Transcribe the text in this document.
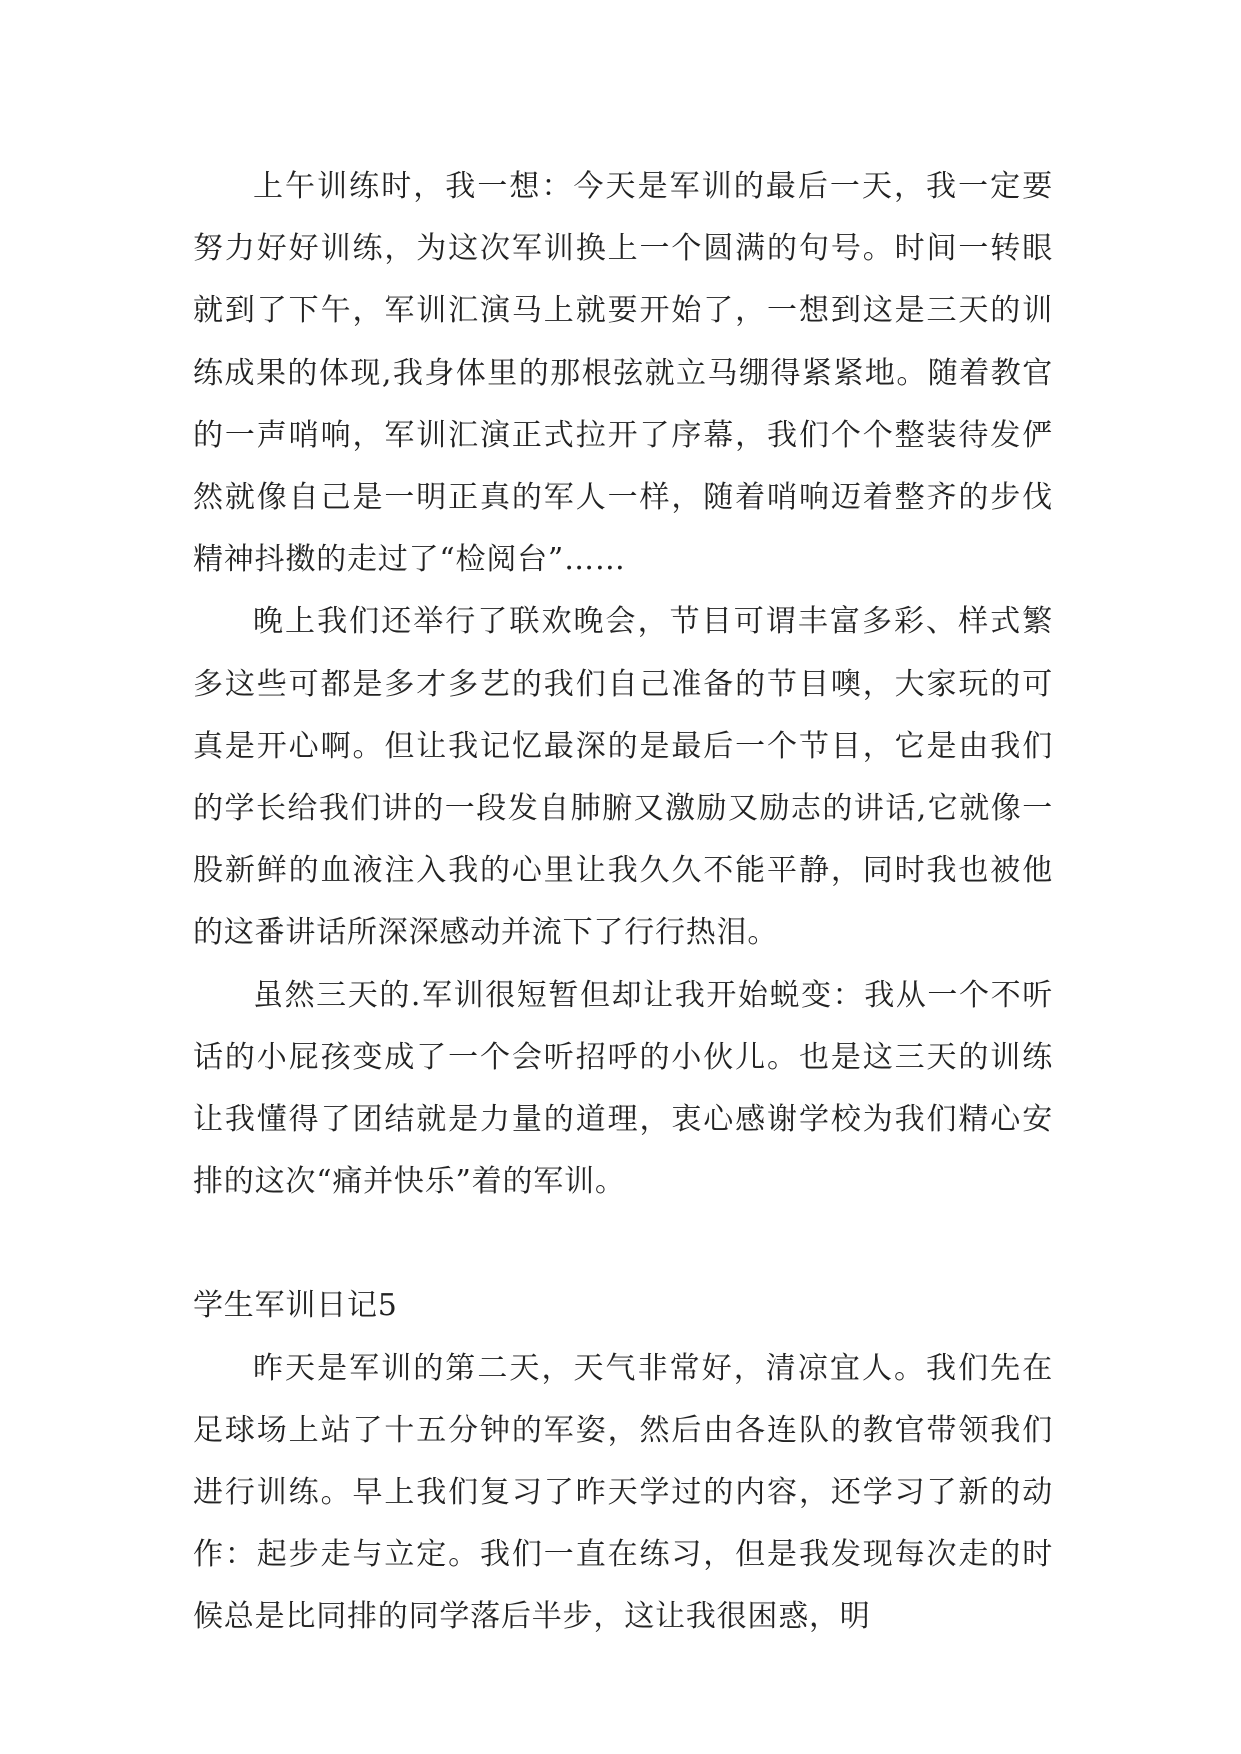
上午训练时，我一想：今天是军训的最后一天，我一定要努力好好训练，为这次军训换上一个圆满的句号。时间一转眼就到了下午，军训汇演马上就要开始了，一想到这是三天的训练成果的体现,我身体里的那根弦就立马绷得紧紧地。随着教官的一声哨响，军训汇演正式拉开了序幕，我们个个整装待发俨然就像自己是一明正真的军人一样，随着哨响迈着整齐的步伐精神抖擞的走过了“检阅台”……

晚上我们还举行了联欢晚会，节目可谓丰富多彩、样式繁多这些可都是多才多艺的我们自己准备的节目噢，大家玩的可真是开心啊。但让我记忆最深的是最后一个节目，它是由我们的学长给我们讲的一段发自肺腑又激励又励志的讲话,它就像一股新鲜的血液注入我的心里让我久久不能平静，同时我也被他的这番讲话所深深感动并流下了行行热泪。

虽然三天的.军训很短暂但却让我开始蜕变：我从一个不听话的小屁孩变成了一个会听招呼的小伙儿。也是这三天的训练让我懂得了团结就是力量的道理，衷心感谢学校为我们精心安排的这次“痛并快乐”着的军训。

学生军训日记5

昨天是军训的第二天，天气非常好，清凉宜人。我们先在足球场上站了十五分钟的军姿，然后由各连队的教官带领我们进行训练。早上我们复习了昨天学过的内容，还学习了新的动作：起步走与立定。我们一直在练习，但是我发现每次走的时候总是比同排的同学落后半步，这让我很困惑，明
